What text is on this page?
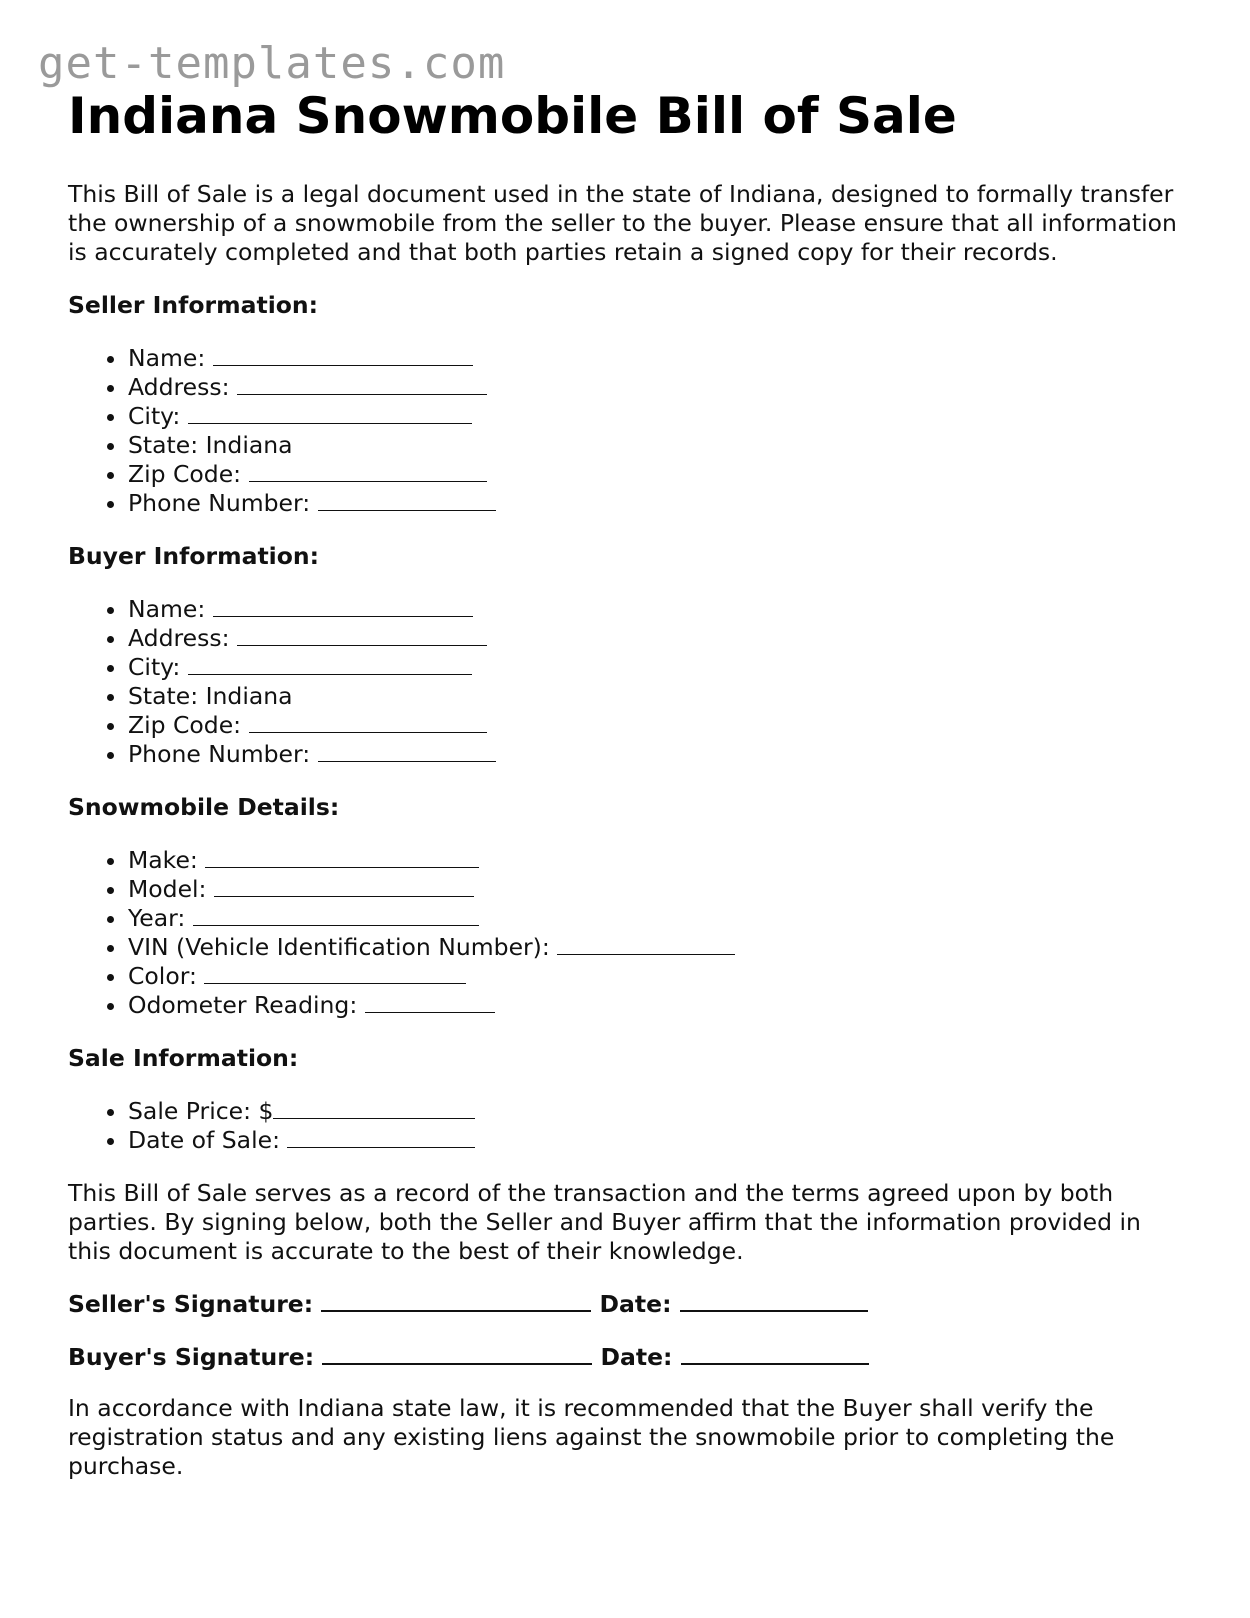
get-templates.com
Indiana Snowmobile Bill of Sale

This Bill of Sale is a legal document used in the state of Indiana, designed to formally transfer the ownership of a snowmobile from the seller to the buyer. Please ensure that all information is accurately completed and that both parties retain a signed copy for their records.

Seller Information:
• Name:
• Address:
• City:
• State: Indiana
• Zip Code:
• Phone Number:
Buyer Information:
• Name:
• Address:
• City:
• State: Indiana
• Zip Code:
• Phone Number:
Snowmobile Details:
• Make:
• Model:
• Year:
• VIN (Vehicle Identification Number):
• Color:
• Odometer Reading:
Sale Information:
• Sale Price: $
• Date of Sale:

This Bill of Sale serves as a record of the transaction and the terms agreed upon by both parties. By signing below, both the Seller and Buyer affirm that the information provided in this document is accurate to the best of their knowledge.

Seller's Signature:	Date:

Buyer's Signature:	Date:

In accordance with Indiana state law, it is recommended that the Buyer shall verify the registration status and any existing liens against the snowmobile prior to completing the purchase.
